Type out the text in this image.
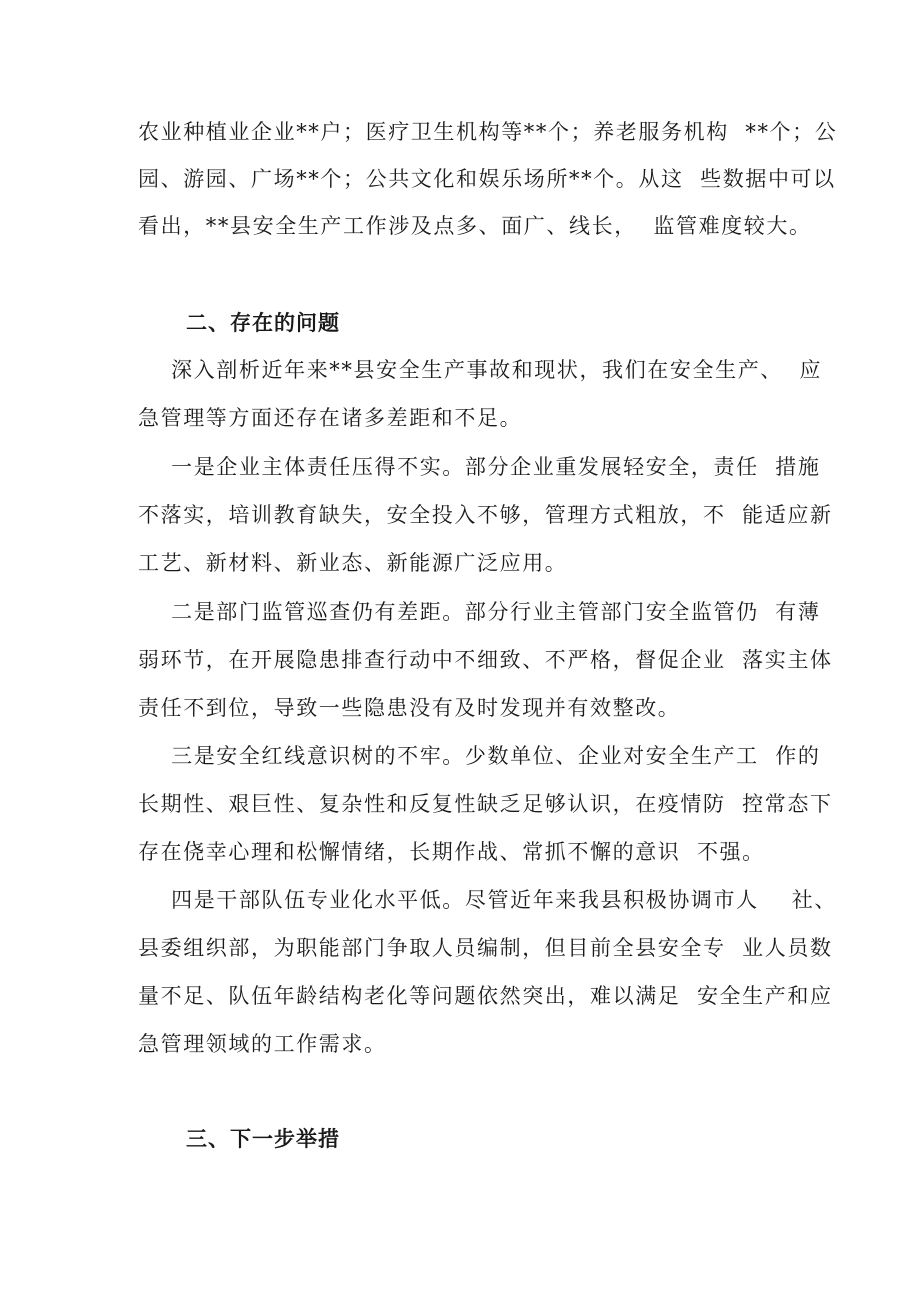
农业种植业企业**户；医疗卫生机构等**个；养老服务机构  **个；公
园、游园、广场**个；公共文化和娱乐场所**个。从这  些数据中可以
看出，**县安全生产工作涉及点多、面广、线长，  监管难度较大。
二、存在的问题
深入剖析近年来**县安全生产事故和现状，我们在安全生产、  应
急管理等方面还存在诸多差距和不足。
一是企业主体责任压得不实。部分企业重发展轻安全，责任  措施
不落实，培训教育缺失，安全投入不够，管理方式粗放，不  能适应新
工艺、新材料、新业态、新能源广泛应用。
二是部门监管巡查仍有差距。部分行业主管部门安全监管仍  有薄
弱环节，在开展隐患排查行动中不细致、不严格，督促企业  落实主体
责任不到位，导致一些隐患没有及时发现并有效整改。
三是安全红线意识树的不牢。少数单位、企业对安全生产工  作的
长期性、艰巨性、复杂性和反复性缺乏足够认识，在疫情防  控常态下
存在侥幸心理和松懈情绪，长期作战、常抓不懈的意识  不强。
四是干部队伍专业化水平低。尽管近年来我县积极协调市人    社、
县委组织部，为职能部门争取人员编制，但目前全县安全专  业人员数
量不足、队伍年龄结构老化等问题依然突出，难以满足  安全生产和应
急管理领域的工作需求。
三、下一步举措
